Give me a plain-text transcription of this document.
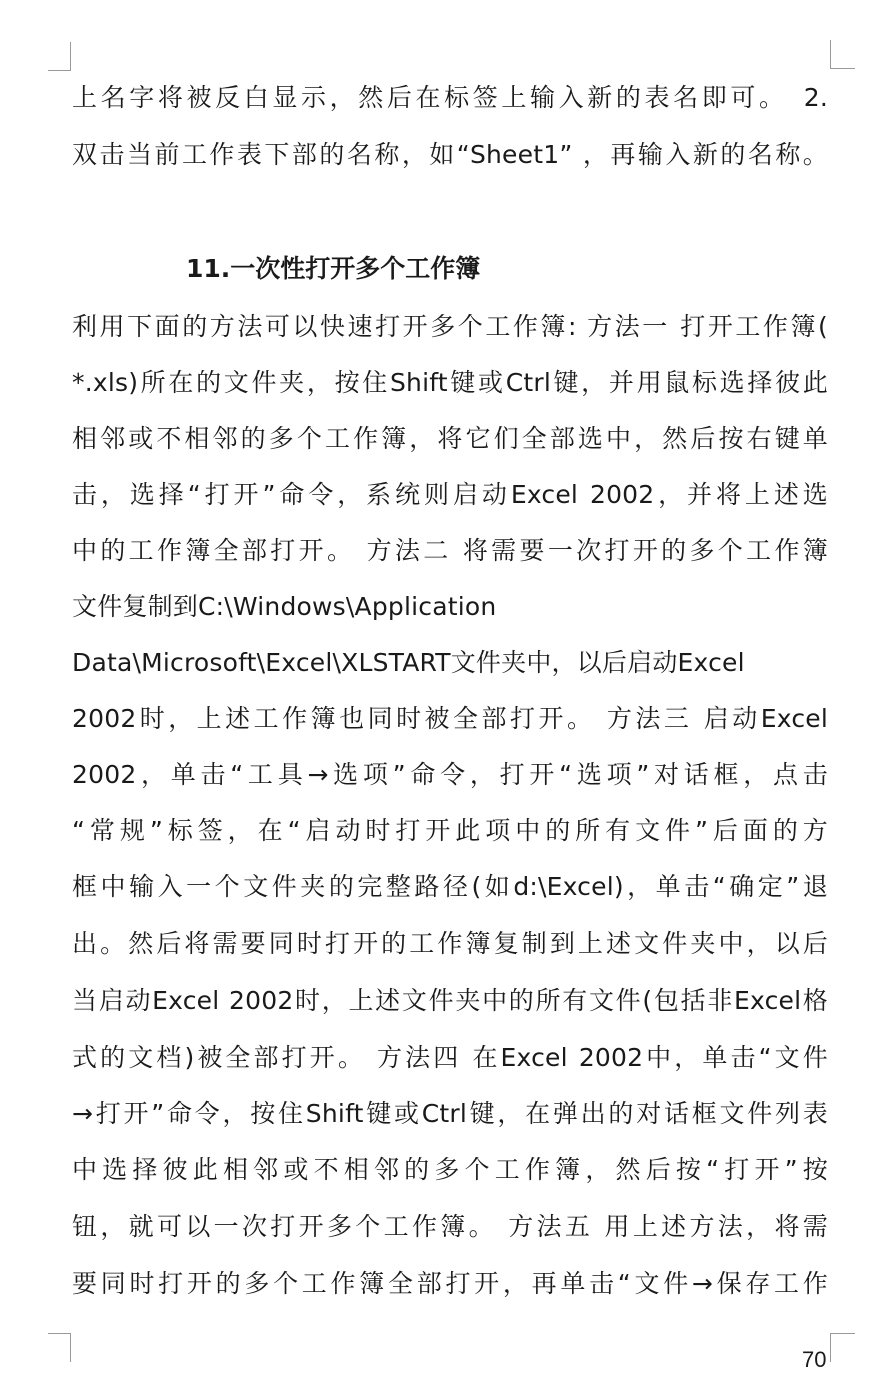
上名字将被反白显示，然后在标签上输入新的表名即可。　2.
双击当前工作表下部的名称，如“Sheet1” ，再输入新的名称。
11.一次性打开多个工作簿
利用下面的方法可以快速打开多个工作簿: 方法一 打开工作簿(
*.xls)所在的文件夹，按住Shift键或Ctrl键，并用鼠标选择彼此
相邻或不相邻的多个工作簿，将它们全部选中，然后按右键单
击，选择“打开”命令，系统则启动Excel 2002，并将上述选
中的工作簿全部打开。 方法二 将需要一次打开的多个工作簿
文件复制到C:\Windows\Application
Data\Microsoft\Excel\XLSTART文件夹中，以后启动Excel
2002时，上述工作簿也同时被全部打开。 方法三 启动Excel
2002，单击“工具→选项”命令，打开“选项”对话框，点击
“常规”标签，在“启动时打开此项中的所有文件”后面的方
框中输入一个文件夹的完整路径(如d:\Excel)，单击“确定”退
出。然后将需要同时打开的工作簿复制到上述文件夹中，以后
当启动Excel 2002时，上述文件夹中的所有文件(包括非Excel格
式的文档)被全部打开。 方法四 在Excel 2002中，单击“文件
→打开”命令，按住Shift键或Ctrl键，在弹出的对话框文件列表
中选择彼此相邻或不相邻的多个工作簿，然后按“打开”按
钮，就可以一次打开多个工作簿。 方法五 用上述方法，将需
要同时打开的多个工作簿全部打开，再单击“文件→保存工作
70
